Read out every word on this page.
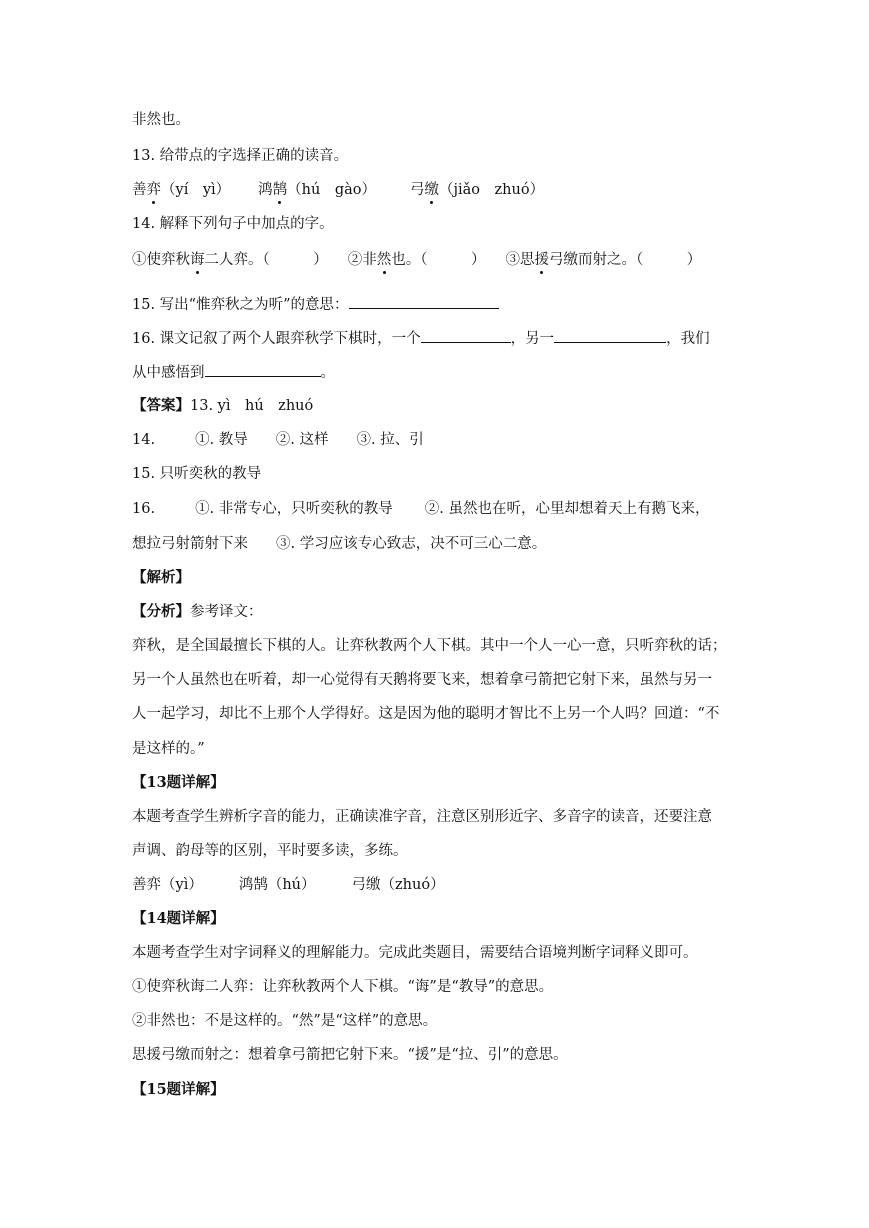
非然也。
13. 给带点的字选择正确的读音。
善弈（yí　yì） 鸿鹄（hú　gào） 弓缴（jiǎo　zhuó）
14. 解释下列句子中加点的字。
①使弈秋诲二人弈。（　　　） ②非然也。（　　　） ③思援弓缴而射之。（　　　）
15. 写出“惟弈秋之为听”的意思：
16. 课文记叙了两个人跟弈秋学下棋时，一个	，另一	，我们
从中感悟到	。
【答案】13. yì　hú　zhuó
14.	①. 教导 ②. 这样 ③. 拉、引
15. 只听奕秋的教导
16.	①. 非常专心，只听奕秋的教导 ②. 虽然也在听，心里却想着天上有鹅飞来，
想拉弓射箭射下来 ③. 学习应该专心致志，决不可三心二意。
【解析】
【分析】参考译文：
弈秋，是全国最擅长下棋的人。让弈秋教两个人下棋。其中一个人一心一意，只听弈秋的话；
另一个人虽然也在听着，却一心觉得有天鹅将要飞来，想着拿弓箭把它射下来，虽然与另一
人一起学习，却比不上那个人学得好。这是因为他的聪明才智比不上另一个人吗？回道：“不
是这样的。”
【13题详解】
本题考查学生辨析字音的能力，正确读准字音，注意区别形近字、多音字的读音，还要注意
声调、韵母等的区别，平时要多读，多练。
善弈（yì） 鸿鹄（hú） 弓缴（zhuó）
【14题详解】
本题考查学生对字词释义的理解能力。完成此类题目，需要结合语境判断字词释义即可。
①使弈秋诲二人弈：让弈秋教两个人下棋。“诲”是“教导”的意思。
②非然也：不是这样的。“然”是“这样”的意思。
思援弓缴而射之：想着拿弓箭把它射下来。“援”是“拉、引”的意思。
【15题详解】
